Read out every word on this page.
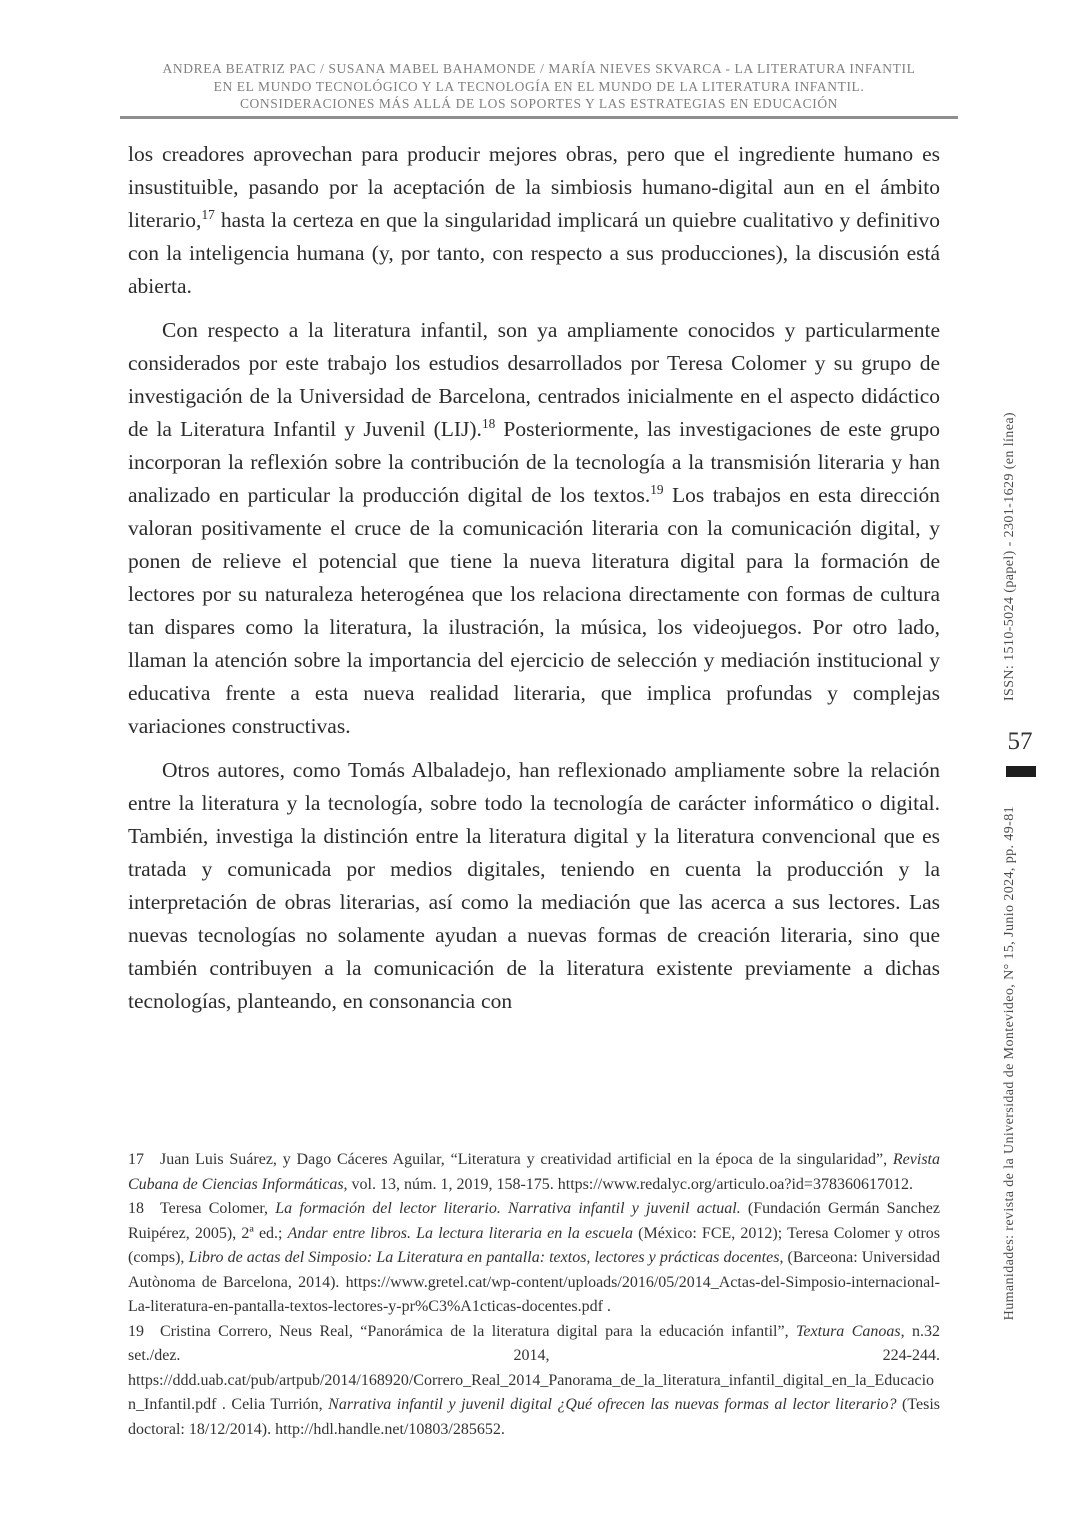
ANDREA BEATRIZ PAC / SUSANA MABEL BAHAMONDE / MARÍA NIEVES SKVARCA - LA LITERATURA INFANTIL
EN EL MUNDO TECNOLÓGICO Y LA TECNOLOGÍA EN EL MUNDO DE LA LITERATURA INFANTIL.
CONSIDERACIONES MÁS ALLÁ DE LOS SOPORTES Y LAS ESTRATEGIAS EN EDUCACIÓN

los creadores aprovechan para producir mejores obras, pero que el ingrediente humano es insustituible, pasando por la aceptación de la simbiosis humano-digital aun en el ámbito literario,$^{17}$ hasta la certeza en que la singularidad implicará un quiebre cualitativo y definitivo con la inteligencia humana (y, por tanto, con respecto a sus producciones), la discusión está abierta.

Con respecto a la literatura infantil, son ya ampliamente conocidos y particularmente considerados por este trabajo los estudios desarrollados por Teresa Colomer y su grupo de investigación de la Universidad de Barcelona, centrados inicialmente en el aspecto didáctico de la Literatura Infantil y Juvenil (LIJ).$^{18}$ Posteriormente, las investigaciones de este grupo incorporan la reflexión sobre la contribución de la tecnología a la transmisión literaria y han analizado en particular la producción digital de los textos.$^{19}$ Los trabajos en esta dirección valoran positivamente el cruce de la comunicación literaria con la comunicación digital, y ponen de relieve el potencial que tiene la nueva literatura digital para la formación de lectores por su naturaleza heterogénea que los relaciona directamente con formas de cultura tan dispares como la literatura, la ilustración, la música, los videojuegos. Por otro lado, llaman la atención sobre la importancia del ejercicio de selección y mediación institucional y educativa frente a esta nueva realidad literaria, que implica profundas y complejas variaciones constructivas.

Otros autores, como Tomás Albaladejo, han reflexionado ampliamente sobre la relación entre la literatura y la tecnología, sobre todo la tecnología de carácter informático o digital. También, investiga la distinción entre la literatura digital y la literatura convencional que es tratada y comunicada por medios digitales, teniendo en cuenta la producción y la interpretación de obras literarias, así como la mediación que las acerca a sus lectores. Las nuevas tecnologías no solamente ayudan a nuevas formas de creación literaria, sino que también contribuyen a la comunicación de la literatura existente previamente a dichas tecnologías, planteando, en consonancia con

17 Juan Luis Suárez, y Dago Cáceres Aguilar, “Literatura y creatividad artificial en la época de la singularidad”, Revista Cubana de Ciencias Informáticas, vol. 13, núm. 1, 2019, 158-175. https://www.redalyc.org/articulo.oa?id=378360617012.

18 Teresa Colomer, La formación del lector literario. Narrativa infantil y juvenil actual. (Fundación Germán Sanchez Ruipérez, 2005), 2ª ed.; Andar entre libros. La lectura literaria en la escuela (México: FCE, 2012); Teresa Colomer y otros (comps), Libro de actas del Simposio: La Literatura en pantalla: textos, lectores y prácticas docentes, (Barceona: Universidad Autònoma de Barcelona, 2014). https://www.gretel.cat/wp-content/uploads/2016/05/2014_Actas-del-Simposio-internacional-La-literatura-en-pantalla-textos-lectores-y-pr%C3%A1cticas-docentes.pdf .

19 Cristina Correro, Neus Real, “Panorámica de la literatura digital para la educación infantil”, Textura Canoas, n.32 set./dez. 2014, 224-244. https://ddd.uab.cat/pub/artpub/2014/168920/Correro_Real_2014_Panorama_de_la_literatura_infantil_digital_en_la_Educacion_Infantil.pdf . Celia Turrión, Narrativa infantil y juvenil digital ¿Qué ofrecen las nuevas formas al lector literario? (Tesis doctoral: 18/12/2014). http://hdl.handle.net/10803/285652.

ISSN: 1510-5024 (papel) - 2301-1629 (en línea)
57
Humanidades: revista de la Universidad de Montevideo, N° 15, Junio 2024, pp. 49-81
